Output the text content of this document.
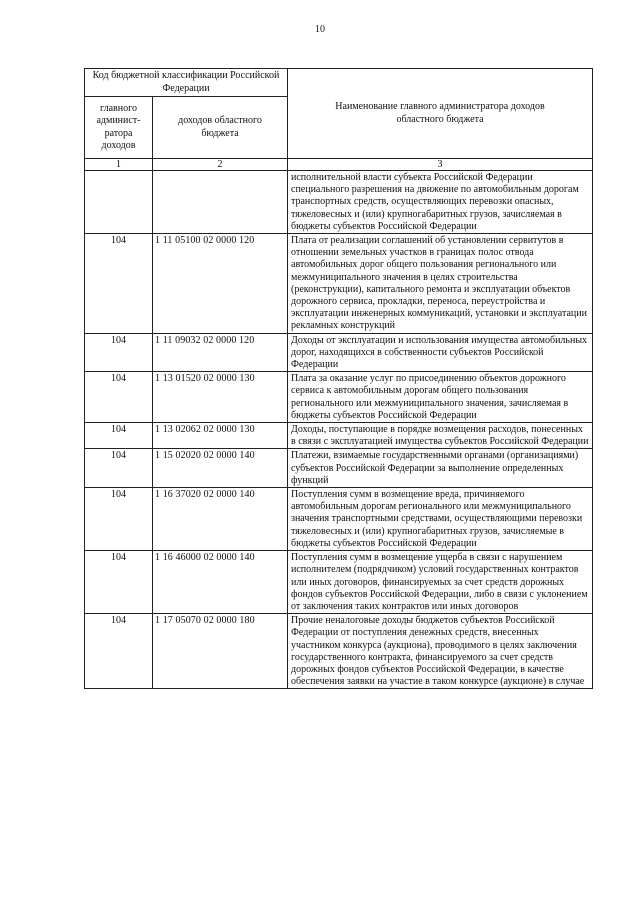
10
Код бюджетной классификации Российской Федерации		Наименование главного администратора доходов областного бюджета
главного админист-ратора доходов	доходов областного бюджета	
1	2	3
		исполнительной власти субъекта Российской Федерации специального разрешения на движение по автомобильным дорогам транспортных средств, осуществляющих перевозки опасных, тяжеловесных и (или) крупногабаритных грузов, зачисляемая в бюджеты субъектов Российской Федерации
104	1 11 05100 02 0000 120	Плата от реализации соглашений об установлении сервитутов в отношении земельных участков в границах полос отвода автомобильных дорог общего пользования регионального или межмуниципального значения в целях строительства (реконструкции), капитального ремонта и эксплуатации объектов дорожного сервиса, прокладки, переноса, переустройства и эксплуатации инженерных коммуникаций, установки и эксплуатации рекламных конструкций
104	1 11 09032 02 0000 120	Доходы от эксплуатации и использования имущества автомобильных дорог, находящихся в собственности субъектов Российской Федерации
104	1 13 01520 02 0000 130	Плата за оказание услуг по присоединению объектов дорожного сервиса к автомобильным дорогам общего пользования регионального или межмуниципального значения, зачисляемая в бюджеты субъектов Российской Федерации
104	1 13 02062 02 0000 130	Доходы, поступающие в порядке возмещения расходов, понесенных в связи с эксплуатацией имущества субъектов Российской Федерации
104	1 15 02020 02 0000 140	Платежи, взимаемые государственными органами (организациями) субъектов Российской Федерации за выполнение определенных функций
104	1 16 37020 02 0000 140	Поступления сумм в возмещение вреда, причиняемого автомобильным дорогам регионального или межмуниципального значения транспортными средствами, осуществляющими перевозки тяжеловесных и (или) крупногабаритных грузов, зачисляемые в бюджеты субъектов Российской Федерации
104	1 16 46000 02 0000 140	Поступления сумм в возмещение ущерба в связи с нарушением исполнителем (подрядчиком) условий государственных контрактов или иных договоров, финансируемых за счет средств дорожных фондов субъектов Российской Федерации, либо в связи с уклонением от заключения таких контрактов или иных договоров
104	1 17 05070 02 0000 180	Прочие неналоговые доходы бюджетов субъектов Российской Федерации от поступления денежных средств, внесенных участником конкурса (аукциона), проводимого в целях заключения государственного контракта, финансируемого за счет средств дорожных фондов субъектов Российской Федерации, в качестве обеспечения заявки на участие в таком конкурсе (аукционе) в случае
